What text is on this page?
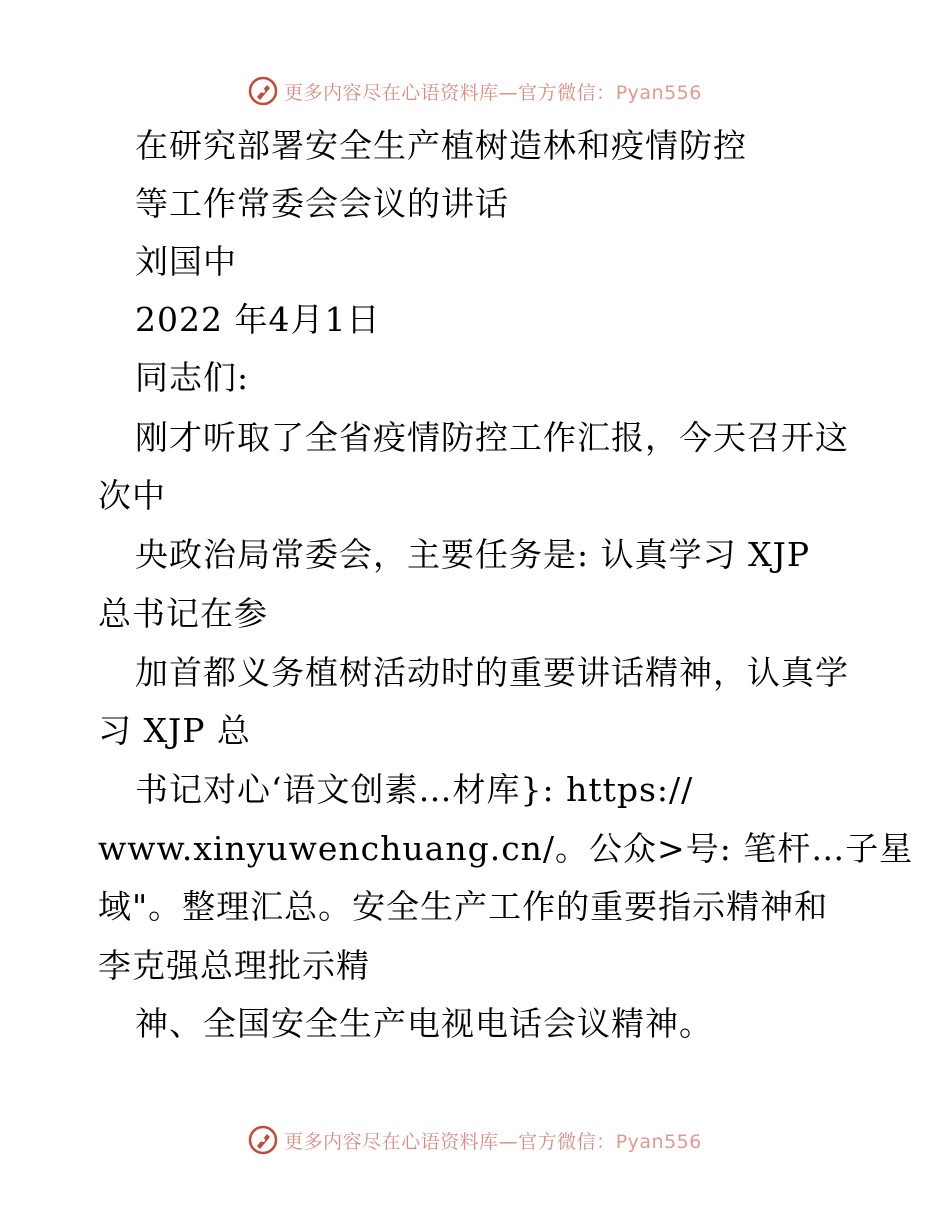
更多内容尽在心语资料库—官方微信：Pyan556
在研究部署安全生产植树造林和疫情防控
等工作常委会会议的讲话
刘国中
2022 年4月1日
同志们:
刚才听取了全省疫情防控工作汇报，今天召开这
次中
央政治局常委会，主要任务是: 认真学习 XJP
总书记在参
加首都义务植树活动时的重要讲话精神，认真学
习 XJP 总
书记对心‘语文创素…材库}: https://
www.xinyuwenchuang.cn/。公众>号: 笔杆…子星
域"。整理汇总。安全生产工作的重要指示精神和
李克强总理批示精
神、全国安全生产电视电话会议精神。
更多内容尽在心语资料库—官方微信：Pyan556
